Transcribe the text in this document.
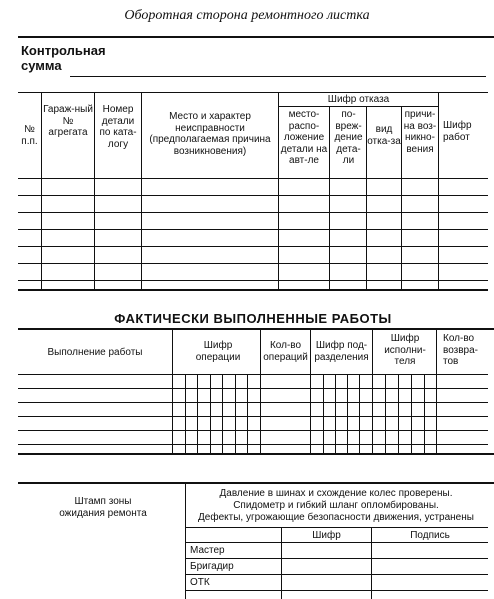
Оборотная сторона ремонтного листка
Контрольная сумма
№ п.п.
Гараж-ный № агрегата
Номер детали по ката-логу
Место и характер неисправности (предполагаемая причина возникновения)
Шифр отказа
место-распо-ложение детали на авт-ле
по-вреж-дение дета-ли
вид отка-за
причи-на воз-никно-вения
Шифр работ
ФАКТИЧЕСКИ ВЫПОЛНЕННЫЕ РАБОТЫ
Выполнение работы
Шифр операции
Кол-во операций
Шифр под-разделения
Шифр исполни-теля
Кол-во возвра-тов
Штамп зоны ожидания ремонта
Давление в шинах и схождение колес проверены.
Спидометр и гибкий шланг опломбированы.
Дефекты, угрожающие безопасности движения, устранены
Шифр	Подпись
Мастер
Бригадир
ОТК
